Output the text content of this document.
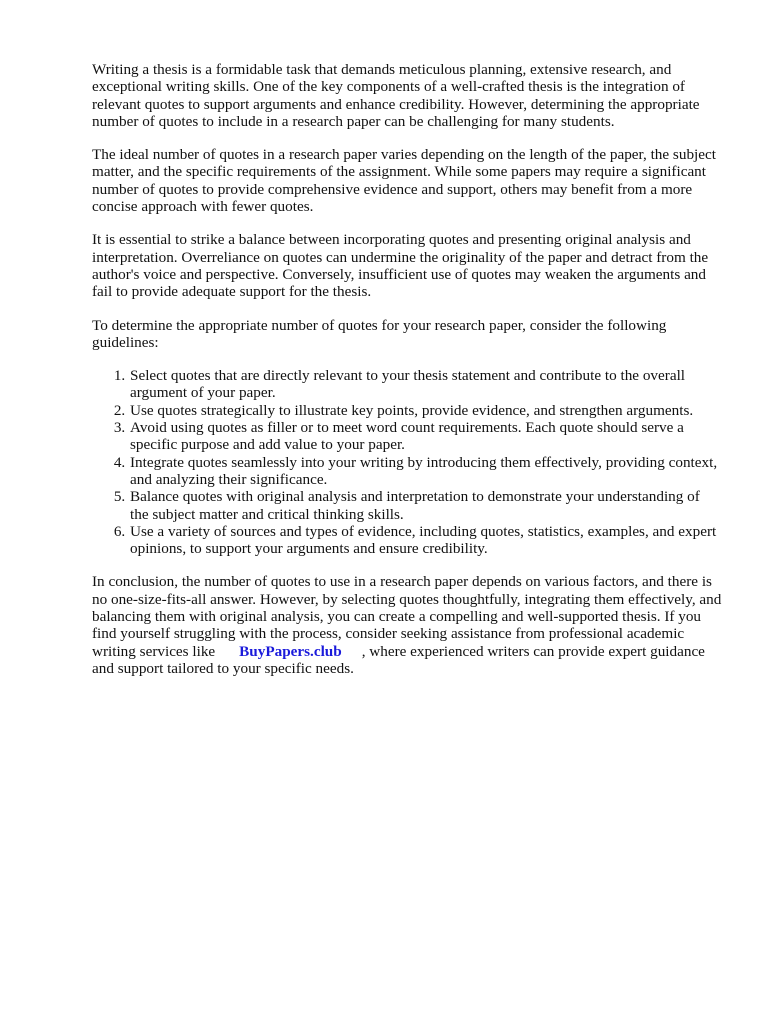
Writing a thesis is a formidable task that demands meticulous planning, extensive research, and exceptional writing skills. One of the key components of a well-crafted thesis is the integration of relevant quotes to support arguments and enhance credibility. However, determining the appropriate number of quotes to include in a research paper can be challenging for many students.

The ideal number of quotes in a research paper varies depending on the length of the paper, the subject matter, and the specific requirements of the assignment. While some papers may require a significant number of quotes to provide comprehensive evidence and support, others may benefit from a more concise approach with fewer quotes.

It is essential to strike a balance between incorporating quotes and presenting original analysis and interpretation. Overreliance on quotes can undermine the originality of the paper and detract from the author's voice and perspective. Conversely, insufficient use of quotes may weaken the arguments and fail to provide adequate support for the thesis.

To determine the appropriate number of quotes for your research paper, consider the following guidelines:

1. Select quotes that are directly relevant to your thesis statement and contribute to the overall argument of your paper.
2. Use quotes strategically to illustrate key points, provide evidence, and strengthen arguments.
3. Avoid using quotes as filler or to meet word count requirements. Each quote should serve a specific purpose and add value to your paper.
4. Integrate quotes seamlessly into your writing by introducing them effectively, providing context, and analyzing their significance.
5. Balance quotes with original analysis and interpretation to demonstrate your understanding of the subject matter and critical thinking skills.
6. Use a variety of sources and types of evidence, including quotes, statistics, examples, and expert opinions, to support your arguments and ensure credibility.

In conclusion, the number of quotes to use in a research paper depends on various factors, and there is no one-size-fits-all answer. However, by selecting quotes thoughtfully, integrating them effectively, and balancing them with original analysis, you can create a compelling and well-supported thesis. If you find yourself struggling with the process, consider seeking assistance from professional academic writing services like BuyPapers.club , where experienced writers can provide expert guidance and support tailored to your specific needs.
